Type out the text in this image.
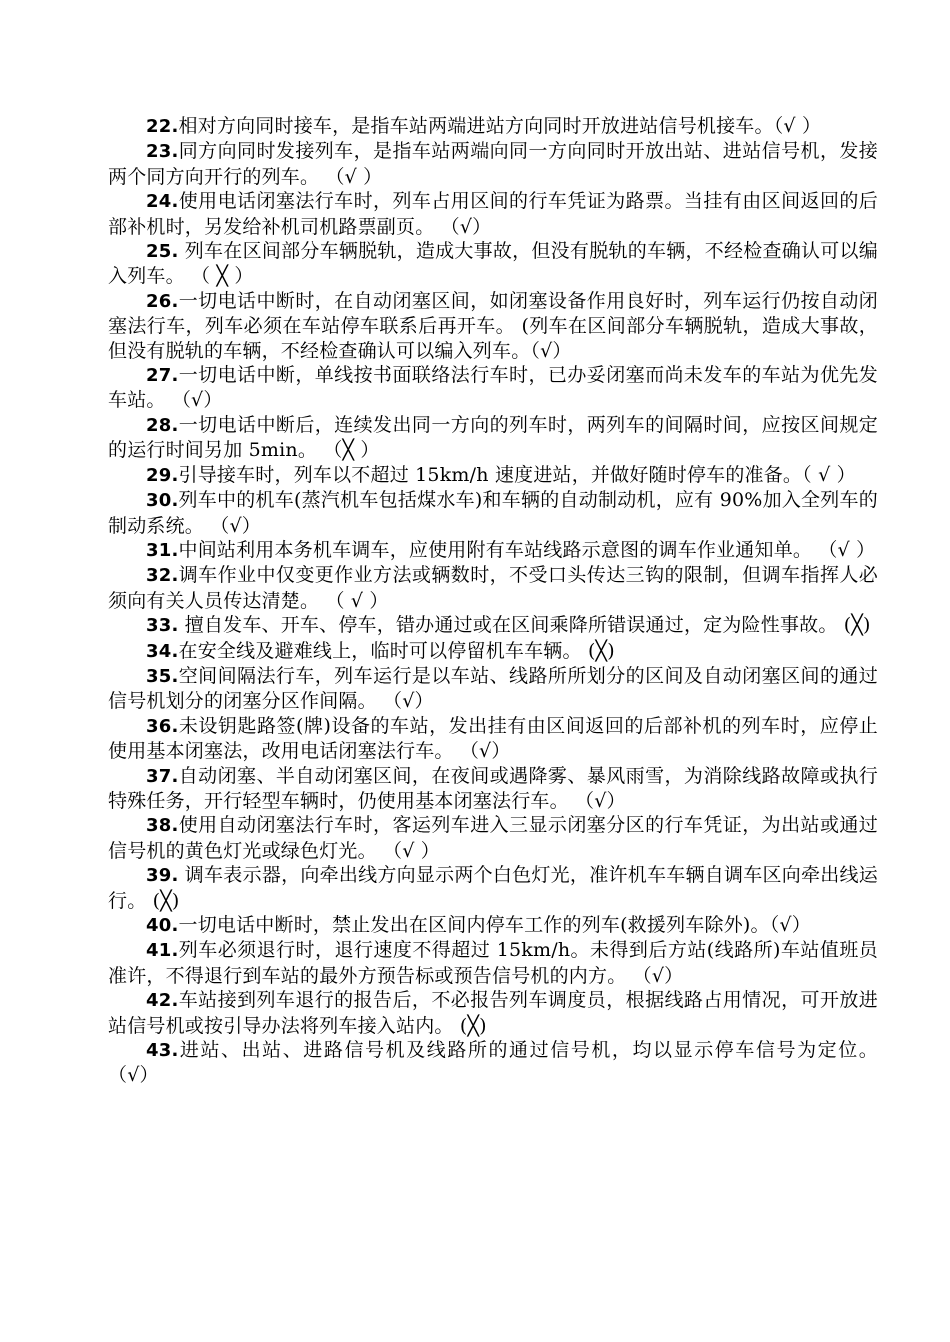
22.相对方向同时接车，是指车站两端进站方向同时开放进站信号机接车。（√ ）

23.同方向同时发接列车，是指车站两端向同一方向同时开放出站、进站信号机，发接两个同方向开行的列车。 （√ ）

24.使用电话闭塞法行车时，列车占用区间的行车凭证为路票。当挂有由区间返回的后部补机时，另发给补机司机路票副页。 （√）

25. 列车在区间部分车辆脱轨，造成大事故，但没有脱轨的车辆，不经检查确认可以编入列车。 （ ╳ ）

26.一切电话中断时，在自动闭塞区间，如闭塞设备作用良好时，列车运行仍按自动闭塞法行车，列车必须在车站停车联系后再开车。 (列车在区间部分车辆脱轨，造成大事故，但没有脱轨的车辆，不经检查确认可以编入列车。（√）

27.一切电话中断，单线按书面联络法行车时，已办妥闭塞而尚未发车的车站为优先发车站。 （√）

28.一切电话中断后，连续发出同一方向的列车时，两列车的间隔时间，应按区间规定的运行时间另加 5min。 （╳ ）

29.引导接车时，列车以不超过 15km/h 速度进站，并做好随时停车的准备。（ √ ）

30.列车中的机车(蒸汽机车包括煤水车)和车辆的自动制动机，应有 90%加入全列车的制动系统。 （√）

31.中间站利用本务机车调车，应使用附有车站线路示意图的调车作业通知单。 （√ ）

32.调车作业中仅变更作业方法或辆数时，不受口头传达三钩的限制，但调车指挥人必须向有关人员传达清楚。 （ √ ）

33. 擅自发车、开车、停车，错办通过或在区间乘降所错误通过，定为险性事故。 (╳)

34.在安全线及避难线上，临时可以停留机车车辆。 (╳)

35.空间间隔法行车，列车运行是以车站、线路所所划分的区间及自动闭塞区间的通过信号机划分的闭塞分区作间隔。 （√）

36.未设钥匙路签(牌)设备的车站，发出挂有由区间返回的后部补机的列车时，应停止使用基本闭塞法，改用电话闭塞法行车。 （√）

37.自动闭塞、半自动闭塞区间，在夜间或遇降雾、暴风雨雪，为消除线路故障或执行特殊任务，开行轻型车辆时，仍使用基本闭塞法行车。 （√）

38.使用自动闭塞法行车时，客运列车进入三显示闭塞分区的行车凭证，为出站或通过信号机的黄色灯光或绿色灯光。 （√ ）

39. 调车表示器，向牵出线方向显示两个白色灯光，准许机车车辆自调车区向牵出线运行。 (╳)

40.一切电话中断时，禁止发出在区间内停车工作的列车(救援列车除外)。（√）

41.列车必须退行时，退行速度不得超过 15km/h。未得到后方站(线路所)车站值班员准许，不得退行到车站的最外方预告标或预告信号机的内方。 （√）

42.车站接到列车退行的报告后，不必报告列车调度员，根据线路占用情况，可开放进站信号机或按引导办法将列车接入站内。 (╳)

43.进站、出站、进路信号机及线路所的通过信号机，均以显示停车信号为定位。 （√）
